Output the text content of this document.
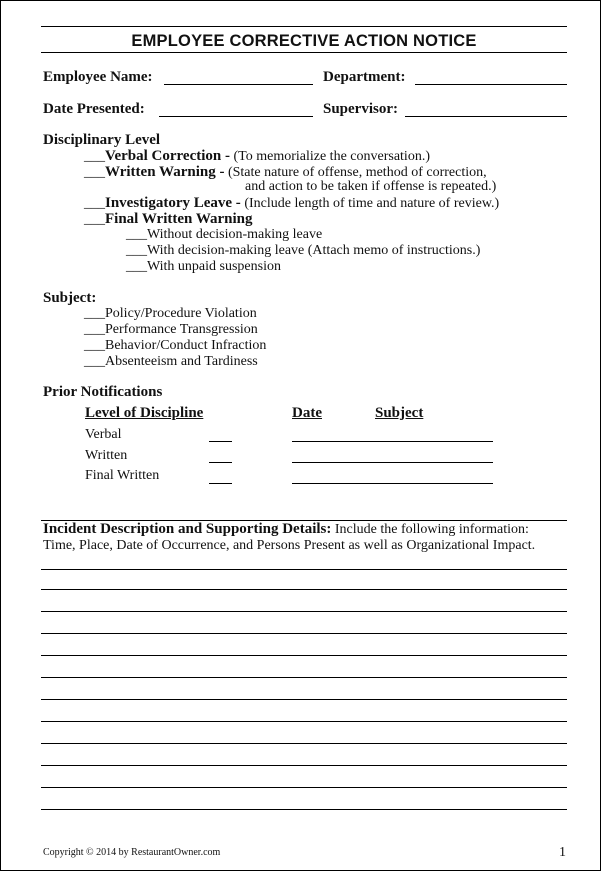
EMPLOYEE CORRECTIVE ACTION NOTICE
Employee Name:	Department:
Date Presented:	Supervisor:
Disciplinary Level
___Verbal Correction - (To memorialize the conversation.)
___Written Warning - (State nature of offense, method of correction,
and action to be taken if offense is repeated.)
___Investigatory Leave - (Include length of time and nature of review.)
___Final Written Warning
___Without decision-making leave
___With decision-making leave (Attach memo of instructions.)
___With unpaid suspension
Subject:
___Policy/Procedure Violation
___Performance Transgression
___Behavior/Conduct Infraction
___Absenteeism and Tardiness
Prior Notifications
Level of Discipline	Date	Subject
Verbal
Written
Final Written
Incident Description and Supporting Details: Include the following information: Time, Place, Date of Occurrence, and Persons Present as well as Organizational Impact.
Copyright © 2014 by RestaurantOwner.com	1
